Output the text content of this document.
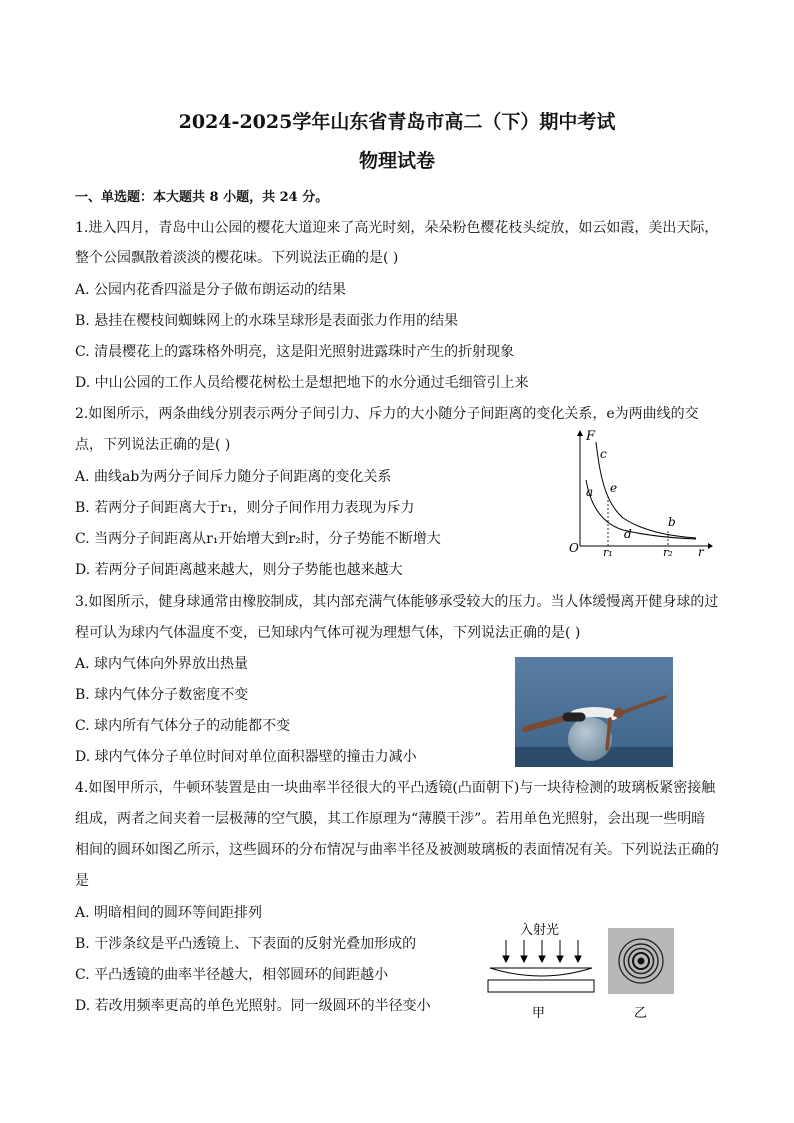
2024-2025学年山东省青岛市高二（下）期中考试
物理试卷
一、单选题：本大题共 8 小题，共 24 分。
1.进入四月，青岛中山公园的樱花大道迎来了高光时刻，朵朵粉色樱花枝头绽放，如云如霞，美出天际，
整个公园飘散着淡淡的樱花味。下列说法正确的是( )
A. 公园内花香四溢是分子做布朗运动的结果
B. 悬挂在樱枝间蜘蛛网上的水珠呈球形是表面张力作用的结果
C. 清晨樱花上的露珠格外明亮，这是阳光照射进露珠时产生的折射现象
D. 中山公园的工作人员给樱花树松土是想把地下的水分通过毛细管引上来
2.如图所示，两条曲线分别表示两分子间引力、斥力的大小随分子间距离的变化关系，e为两曲线的交
点，下列说法正确的是( )
A. 曲线ab为两分子间斥力随分子间距离的变化关系
B. 若两分子间距离大于r₁，则分子间作用力表现为斥力
C. 当两分子间距离从r₁开始增大到r₂时，分子势能不断增大
D. 若两分子间距离越来越大，则分子势能也越来越大
F
c
a e
d
b
O r₁	r₂ r
3.如图所示，健身球通常由橡胶制成，其内部充满气体能够承受较大的压力。当人体缓慢离开健身球的过
程可认为球内气体温度不变，已知球内气体可视为理想气体，下列说法正确的是( )
A. 球内气体向外界放出热量
B. 球内气体分子数密度不变
C. 球内所有气体分子的动能都不变
D. 球内气体分子单位时间对单位面积器壁的撞击力减小
4.如图甲所示，牛顿环装置是由一块曲率半径很大的平凸透镜(凸面朝下)与一块待检测的玻璃板紧密接触
组成，两者之间夹着一层极薄的空气膜，其工作原理为“薄膜干涉”。若用单色光照射，会出现一些明暗
相间的圆环如图乙所示，这些圆环的分布情况与曲率半径及被测玻璃板的表面情况有关。下列说法正确的
是
A. 明暗相间的圆环等间距排列
B. 干涉条纹是平凸透镜上、下表面的反射光叠加形成的
C. 平凸透镜的曲率半径越大，相邻圆环的间距越小
D. 若改用频率更高的单色光照射。同一级圆环的半径变小
入射光
甲	乙
